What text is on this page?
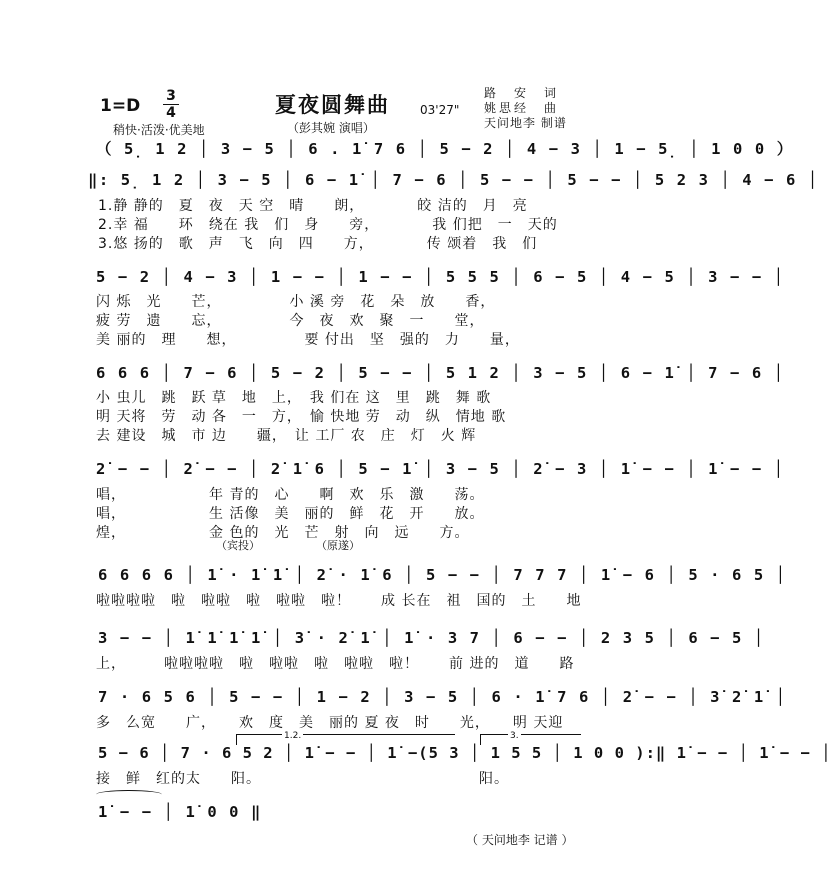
1=D 3
4
稍快·活泼·优美地
夏夜圆舞曲
（彭其婉 演唱）
03'27"
路　安　词
姚思经　曲
天问地李 制谱
（ 5̣ 1 2 │ 3 − 5 │ 6 . 1̇ 7 6 │ 5 − 2 │ 4 − 3 │ 1 − 5̣ │ 1 0 0 ）
‖: 5̣ 1 2 │ 3 − 5 │ 6 − 1̇ │ 7 − 6 │ 5 − − │ 5 − − │ 5 2 3 │ 4 − 6 │
1.静 静的　夏　夜　天 空　晴　　朗，　　　　皎 洁的　月　亮
2.幸 福　　环　绕在 我　们　身　　旁，　　　　我 们把　一　天的
3.悠 扬的　歌　声　飞　向　四　　方，　　　　传 颂着　我　们
5 − 2 │ 4 − 3 │ 1 − − │ 1 − − │ 5 5 5 │ 6 − 5 │ 4 − 5 │ 3 − − │
闪 烁　光　　芒，　　　　　小 溪 旁　花　朵　放　　香，
疲 劳　遗　　忘，　　　　　今　夜　欢　聚　一　　堂，
美 丽的　理　　想，　　　　　要 付出　坚　强的　力　　量，
6 6 6 │ 7 − 6 │ 5 − 2 │ 5 − − │ 5 1 2 │ 3 − 5 │ 6 − 1̇ │ 7 − 6 │
小 虫儿　跳　跃 草　地　上，　我 们在 这　里　跳　舞 歌
明 天将　劳　动 各　一　方，　愉 快地 劳　动　纵　情地 歌
去 建设　城　市 边　　疆，　让 工厂 农　庄　灯　火 辉
2̇ − − │ 2̇ − − │ 2̇ 1̇ 6 │ 5 − 1̇ │ 3 − 5 │ 2̇ − 3 │ 1̇ − − │ 1̇ − − │
唱，　　　　　　年 青的　心　　啊　欢　乐　激　　荡。
唱，　　　　　　生 活像　美　丽的　鲜　花　开　　放。
煌，　　　　　　金 色的　光　芒　射　向　远　　方。
（宾投）	（原遂）
6 6 6 6 │ 1̇ · 1̇ 1̇ │ 2̇ · 1̇ 6 │ 5 − − │ 7 7 7 │ 1̇ − 6 │ 5 · 6 5 │
啦啦啦啦　啦　啦啦　啦　啦啦　啦！　　成 长在　祖　国的　土　　地
3 − − │ 1̇ 1̇ 1̇ 1̇ │ 3̇ · 2̇ 1̇ │ 1̇ · 3 7 │ 6 − − │ 2 3 5 │ 6 − 5 │
上，　　　啦啦啦啦　啦　啦啦　啦　啦啦　啦！　　前 进的　道　　路
7 · 6 5 6 │ 5 − − │ 1 − 2 │ 3 − 5 │ 6 · 1̇ 7 6 │ 2̇ − − │ 3̇ 2̇ 1̇ │
多　么宽　　广，　　欢　度　美　丽的 夏 夜　时　　光，　　明 天迎
1.2.	3.
5 − 6 │ 7 · 6 5 2 │ 1̇ − − │ 1̇ −(5 3 │ 1 5 5 │ 1 0 0 ):‖ 1̇ − − │ 1̇ − − │
接　鲜　红的太　　阳。　　　　　　　　　　　　　　　阳。
1̇ − − │ 1̇ 0 0 ‖
（ 天问地李 记谱 ）
